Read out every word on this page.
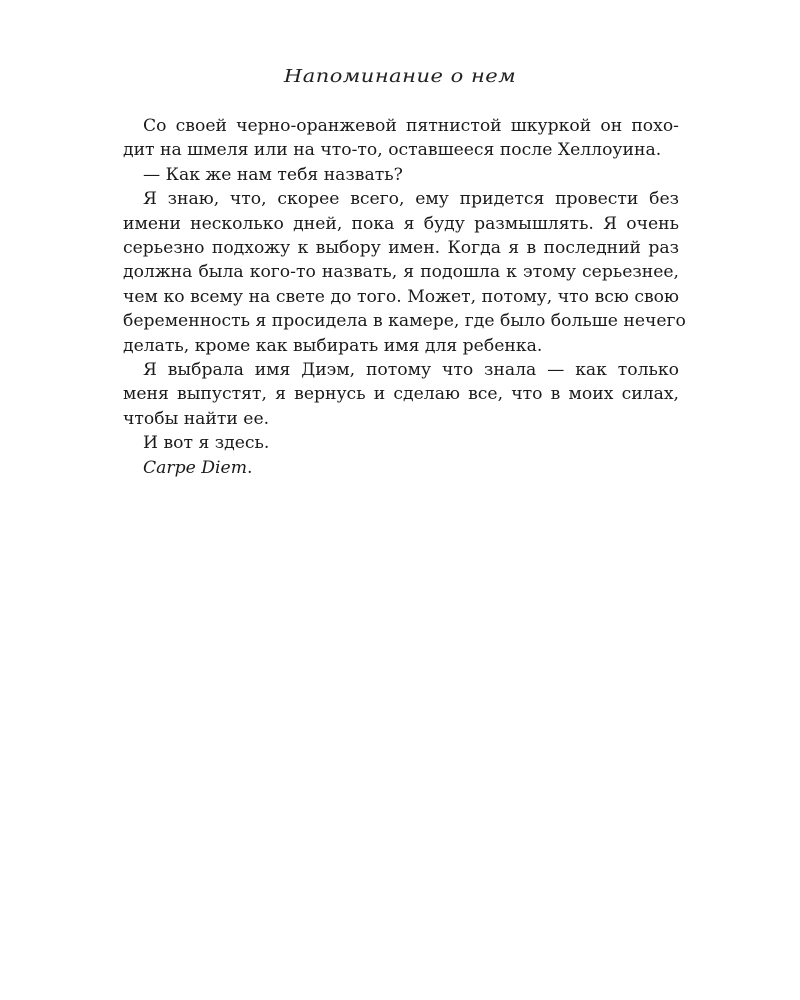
Напоминание о нем
Со своей черно-оранжевой пятнистой шкуркой он похо-
дит на шмеля или на что-то, оставшееся после Хеллоуина.
— Как же нам тебя назвать?
Я знаю, что, скорее всего, ему придется провести без
имени несколько дней, пока я буду размышлять. Я очень
серьезно подхожу к выбору имен. Когда я в последний раз
должна была кого-то назвать, я подошла к этому серьезнее,
чем ко всему на свете до того. Может, потому, что всю свою
беременность я просидела в камере, где было больше нечего
делать, кроме как выбирать имя для ребенка.
Я выбрала имя Диэм, потому что знала — как только
меня выпустят, я вернусь и сделаю все, что в моих силах,
чтобы найти ее.
И вот я здесь.
Carpe Diem.
